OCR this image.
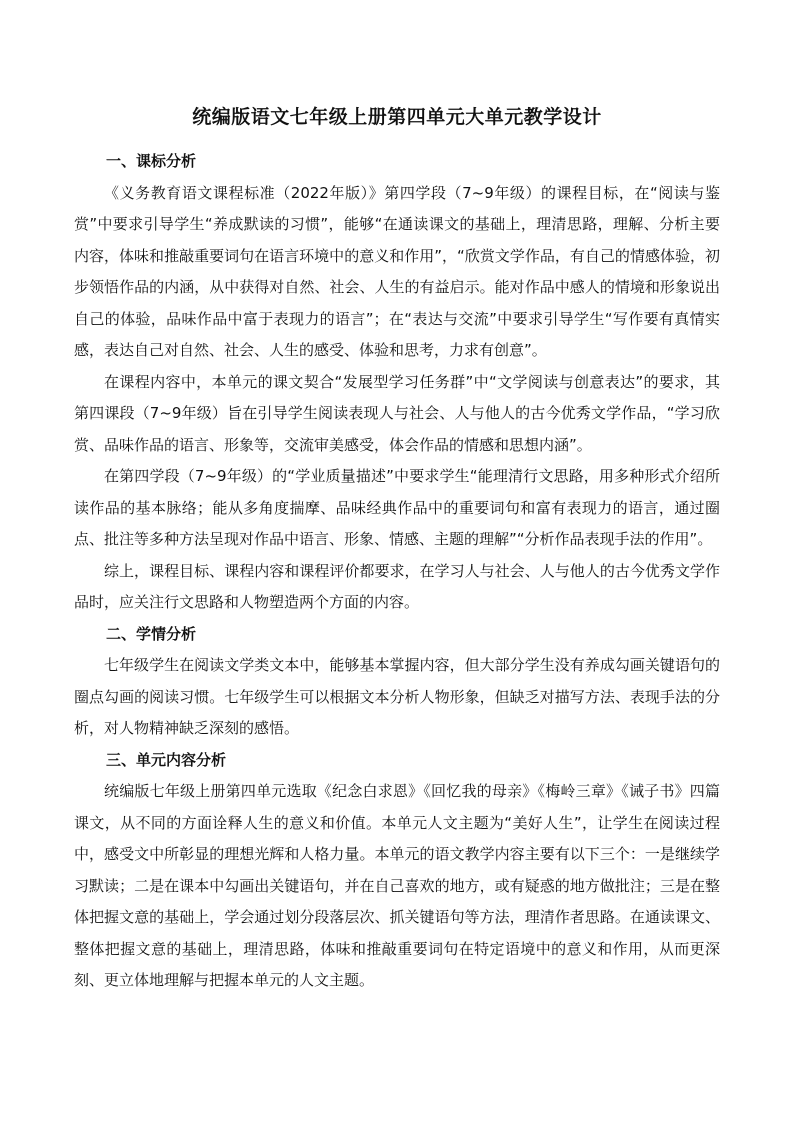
统编版语文七年级上册第四单元大单元教学设计
一、课标分析

《义务教育语文课程标准（2022年版）》第四学段（7~9年级）的课程目标，在“阅读与鉴赏”中要求引导学生“养成默读的习惯”，能够“在通读课文的基础上，理清思路，理解、分析主要内容，体味和推敲重要词句在语言环境中的意义和作用”，“欣赏文学作品，有自己的情感体验，初步领悟作品的内涵，从中获得对自然、社会、人生的有益启示。能对作品中感人的情境和形象说出自己的体验，品味作品中富于表现力的语言”；在“表达与交流”中要求引导学生“写作要有真情实感，表达自己对自然、社会、人生的感受、体验和思考，力求有创意”。

在课程内容中，本单元的课文契合“发展型学习任务群”中“文学阅读与创意表达”的要求，其第四课段（7~9年级）旨在引导学生阅读表现人与社会、人与他人的古今优秀文学作品，“学习欣赏、品味作品的语言、形象等，交流审美感受，体会作品的情感和思想内涵”。

在第四学段（7~9年级）的“学业质量描述”中要求学生“能理清行文思路，用多种形式介绍所读作品的基本脉络；能从多角度揣摩、品味经典作品中的重要词句和富有表现力的语言，通过圈点、批注等多种方法呈现对作品中语言、形象、情感、主题的理解”“分析作品表现手法的作用”。

综上，课程目标、课程内容和课程评价都要求，在学习人与社会、人与他人的古今优秀文学作品时，应关注行文思路和人物塑造两个方面的内容。

二、学情分析

七年级学生在阅读文学类文本中，能够基本掌握内容，但大部分学生没有养成勾画关键语句的圈点勾画的阅读习惯。七年级学生可以根据文本分析人物形象，但缺乏对描写方法、表现手法的分析，对人物精神缺乏深刻的感悟。

三、单元内容分析

统编版七年级上册第四单元选取《纪念白求恩》《回忆我的母亲》《梅岭三章》《诫子书》四篇课文，从不同的方面诠释人生的意义和价值。本单元人文主题为“美好人生”，让学生在阅读过程中，感受文中所彰显的理想光辉和人格力量。本单元的语文教学内容主要有以下三个：一是继续学习默读；二是在课本中勾画出关键语句，并在自己喜欢的地方，或有疑惑的地方做批注；三是在整体把握文意的基础上，学会通过划分段落层次、抓关键语句等方法，理清作者思路。在通读课文、整体把握文意的基础上，理清思路，体味和推敲重要词句在特定语境中的意义和作用，从而更深刻、更立体地理解与把握本单元的人文主题。
